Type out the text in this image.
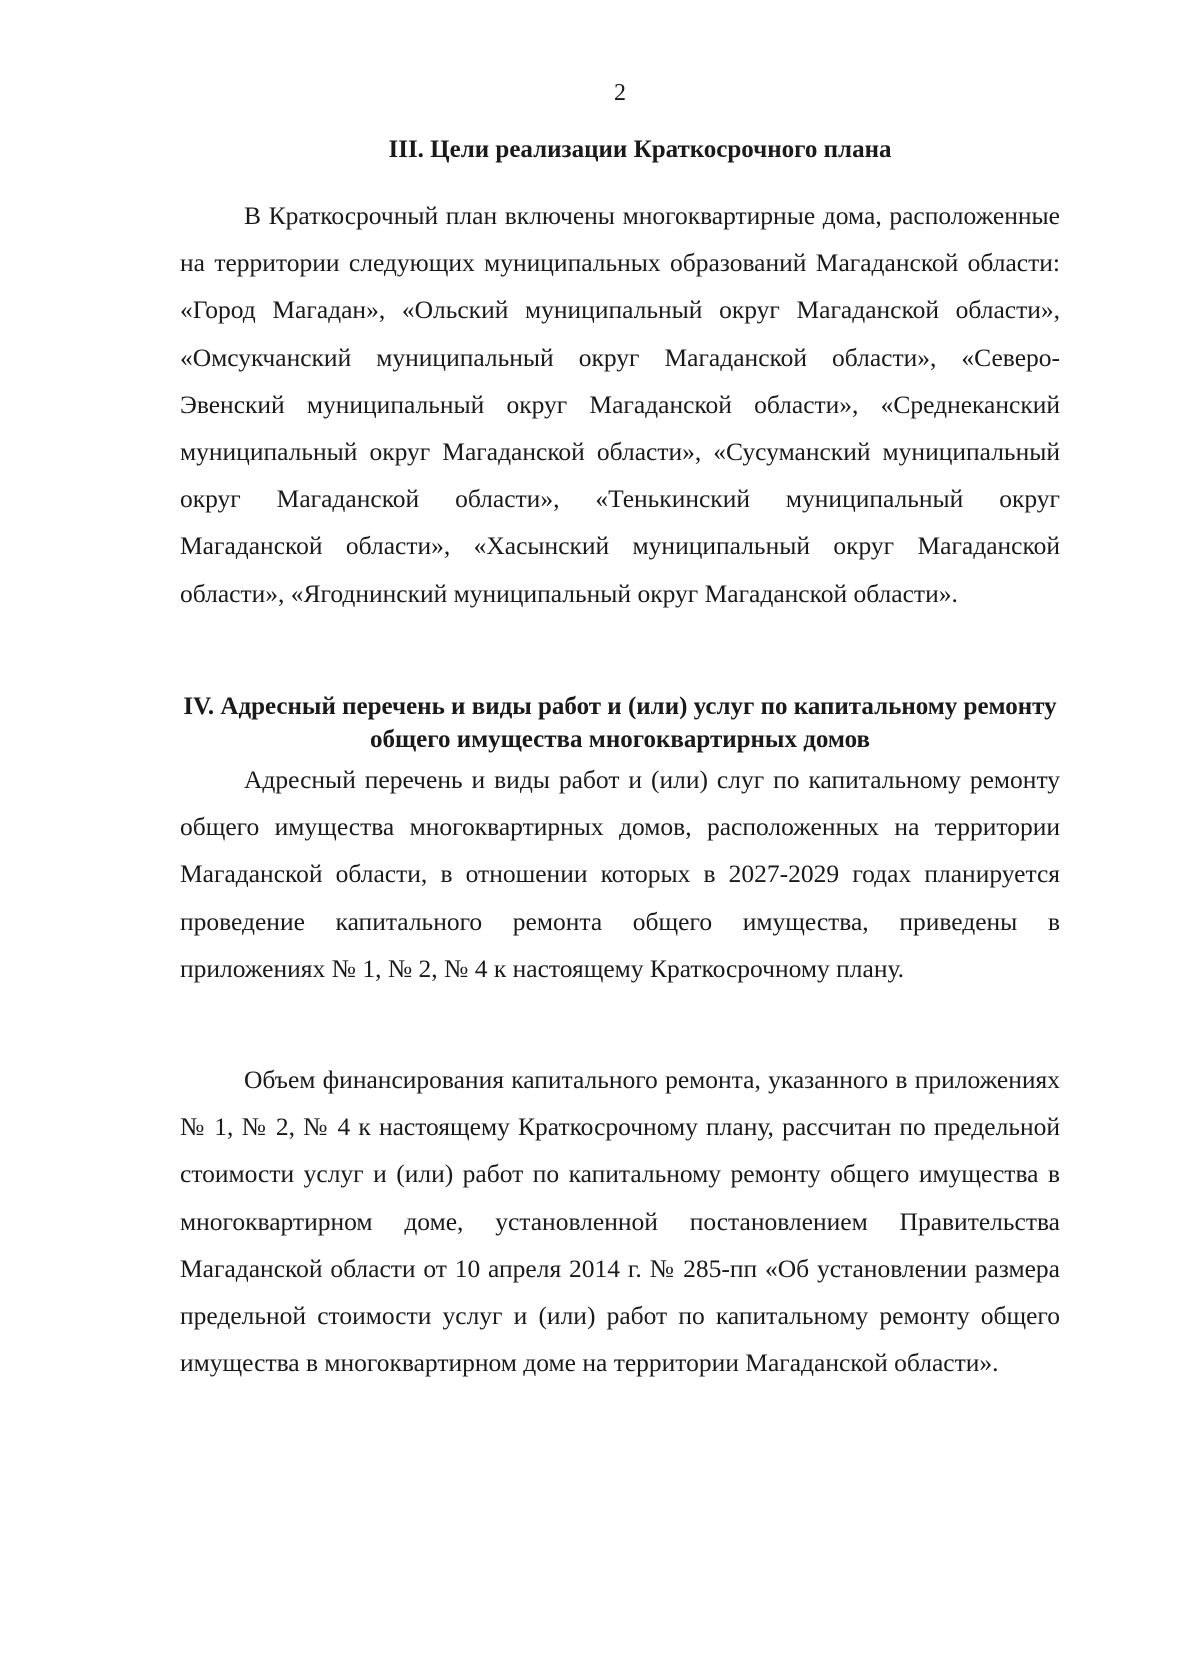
2
III. Цели реализации Краткосрочного плана

В Краткосрочный план включены многоквартирные дома, расположенные на территории следующих муниципальных образований Магаданской области: «Город Магадан», «Ольский муниципальный округ Магаданской области», «Омсукчанский муниципальный округ Магаданской области», «Северо-Эвенский муниципальный округ Магаданской области», «Среднеканский муниципальный округ Магаданской области», «Сусуманский муниципальный округ Магаданской области», «Тенькинский муниципальный округ Магаданской области», «Хасынский муниципальный округ Магаданской области», «Ягоднинский муниципальный округ Магаданской области».

IV. Адресный перечень и виды работ и (или) услуг по капитальному ремонту общего имущества многоквартирных домов

Адресный перечень и виды работ и (или) слуг по капитальному ремонту общего имущества многоквартирных домов, расположенных на территории Магаданской области, в отношении которых в 2027-2029 годах планируется проведение капитального ремонта общего имущества, приведены в приложениях № 1, № 2, № 4 к настоящему Краткосрочному плану.

Объем финансирования капитального ремонта, указанного в приложениях № 1, № 2, № 4 к настоящему Краткосрочному плану, рассчитан по предельной стоимости услуг и (или) работ по капитальному ремонту общего имущества в многоквартирном доме, установленной постановлением Правительства Магаданской области от 10 апреля 2014 г. № 285-пп «Об установлении размера предельной стоимости услуг и (или) работ по капитальному ремонту общего имущества в многоквартирном доме на территории Магаданской области».
